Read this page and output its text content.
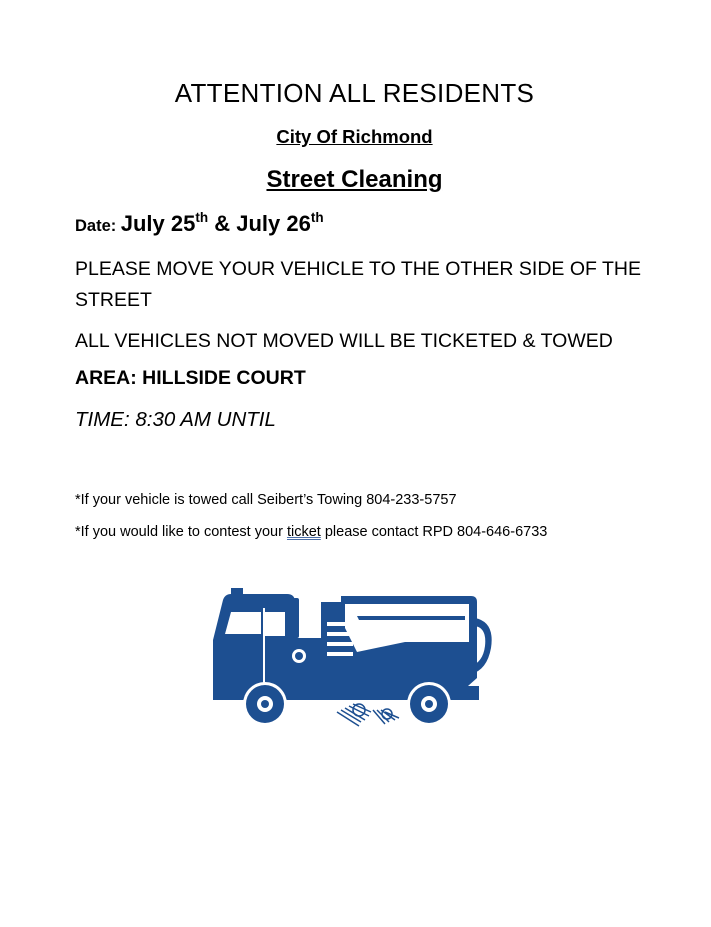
ATTENTION ALL RESIDENTS
City Of Richmond
Street Cleaning
Date: July 25th & July 26th
PLEASE MOVE YOUR VEHICLE TO THE OTHER SIDE OF THE STREET
ALL VEHICLES NOT MOVED WILL BE TICKETED & TOWED
AREA: HILLSIDE COURT
TIME: 8:30 AM UNTIL
*If your vehicle is towed call Seibert’s Towing 804-233-5757
*If you would like to contest your ticket please contact RPD 804-646-6733
